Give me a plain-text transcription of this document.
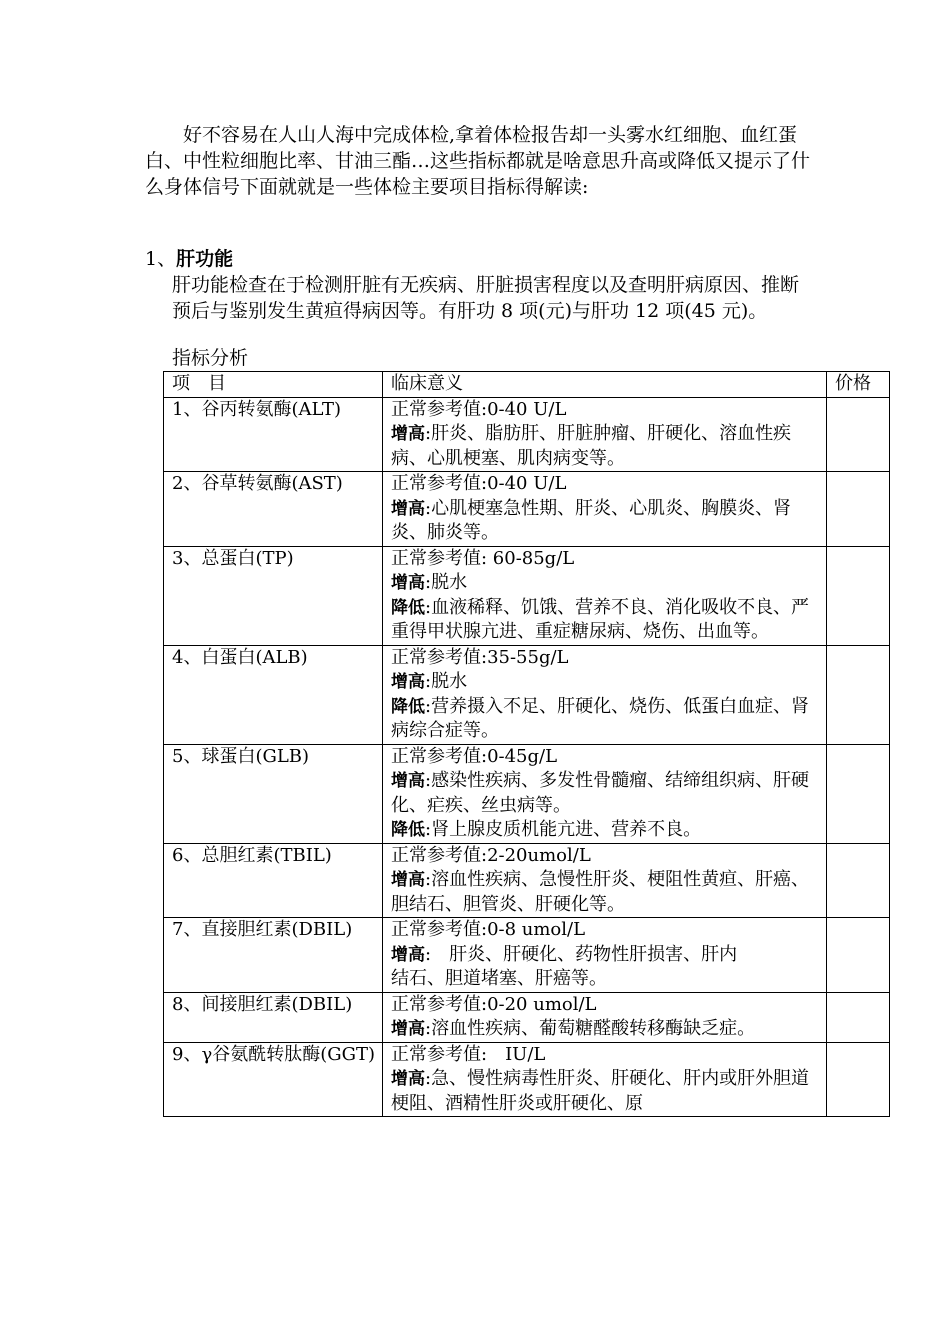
好不容易在人山人海中完成体检,拿着体检报告却一头雾水红细胞、血红蛋白、中性粒细胞比率、甘油三酯…这些指标都就是啥意思升高或降低又提示了什么身体信号下面就就是一些体检主要项目指标得解读:

1、肝功能

肝功能检查在于检测肝脏有无疾病、肝脏损害程度以及查明肝病原因、推断预后与鉴别发生黄疸得病因等。有肝功 8 项(元)与肝功 12 项(45 元)。

指标分析

项　目	临床意义	价格
1、谷丙转氨酶(ALT)	正常参考值:0-40 U/L
增高:肝炎、脂肪肝、肝脏肿瘤、肝硬化、溶血性疾病、心肌梗塞、肌肉病变等。	

2、谷草转氨酶(AST)	正常参考值:0-40 U/L
增高:心肌梗塞急性期、肝炎、心肌炎、胸膜炎、肾炎、肺炎等。	

3、总蛋白(TP)	正常参考值: 60-85g/L
增高:脱水
降低:血液稀释、饥饿、营养不良、消化吸收不良、严重得甲状腺亢进、重症糖尿病、烧伤、出血等。	

4、白蛋白(ALB)	正常参考值:35-55g/L
增高:脱水
降低:营养摄入不足、肝硬化、烧伤、低蛋白血症、肾病综合症等。	

5、球蛋白(GLB)	正常参考值:0-45g/L
增高:感染性疾病、多发性骨髓瘤、结缔组织病、肝硬化、疟疾、丝虫病等。
降低:肾上腺皮质机能亢进、营养不良。	

6、总胆红素(TBIL)	正常参考值:2-20umol/L
增高:溶血性疾病、急慢性肝炎、梗阻性黄疸、肝癌、胆结石、胆管炎、肝硬化等。	

7、直接胆红素(DBIL)	正常参考值:0-8 umol/L
增高:　肝炎、肝硬化、药物性肝损害、肝内
结石、胆道堵塞、肝癌等。	

8、间接胆红素(DBIL)	正常参考值:0-20 umol/L
增高:溶血性疾病、葡萄糖醛酸转移酶缺乏症。	

9、γ谷氨酰转肽酶(GGT)	正常参考值:　IU/L
增高:急、慢性病毒性肝炎、肝硬化、肝内或肝外胆道梗阻、酒精性肝炎或肝硬化、原	
